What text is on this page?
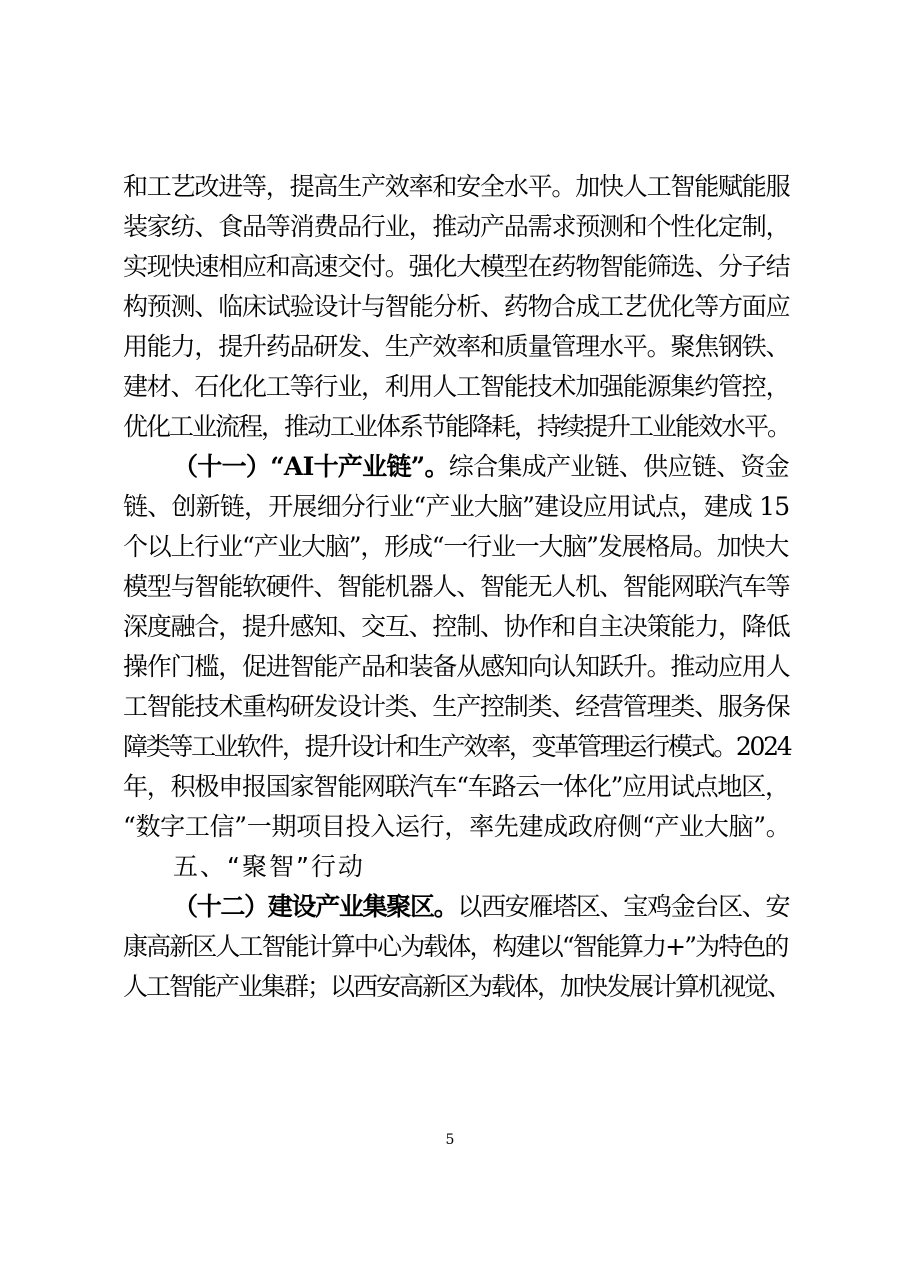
和工艺改进等，提高生产效率和安全水平。加快人工智能赋能服
装家纺、食品等消费品行业，推动产品需求预测和个性化定制，
实现快速相应和高速交付。强化大模型在药物智能筛选、分子结
构预测、临床试验设计与智能分析、药物合成工艺优化等方面应
用能力，提升药品研发、生产效率和质量管理水平。聚焦钢铁、
建材、石化化工等行业，利用人工智能技术加强能源集约管控，
优化工业流程，推动工业体系节能降耗，持续提升工业能效水平。
（十一）“AI十产业链”。综合集成产业链、供应链、资金
链、创新链，开展细分行业“产业大脑”建设应用试点，建成 15
个以上行业“产业大脑”，形成“一行业一大脑”发展格局。加快大
模型与智能软硬件、智能机器人、智能无人机、智能网联汽车等
深度融合，提升感知、交互、控制、协作和自主决策能力，降低
操作门槛，促进智能产品和装备从感知向认知跃升。推动应用人
工智能技术重构研发设计类、生产控制类、经营管理类、服务保
障类等工业软件，提升设计和生产效率，变革管理运行模式。2024
年，积极申报国家智能网联汽车“车路云一体化”应用试点地区，
“数字工信”一期项目投入运行，率先建成政府侧“产业大脑”。
五、“聚智”行动
（十二）建设产业集聚区。以西安雁塔区、宝鸡金台区、安
康高新区人工智能计算中心为载体，构建以“智能算力+”为特色的
人工智能产业集群；以西安高新区为载体，加快发展计算机视觉、
5
